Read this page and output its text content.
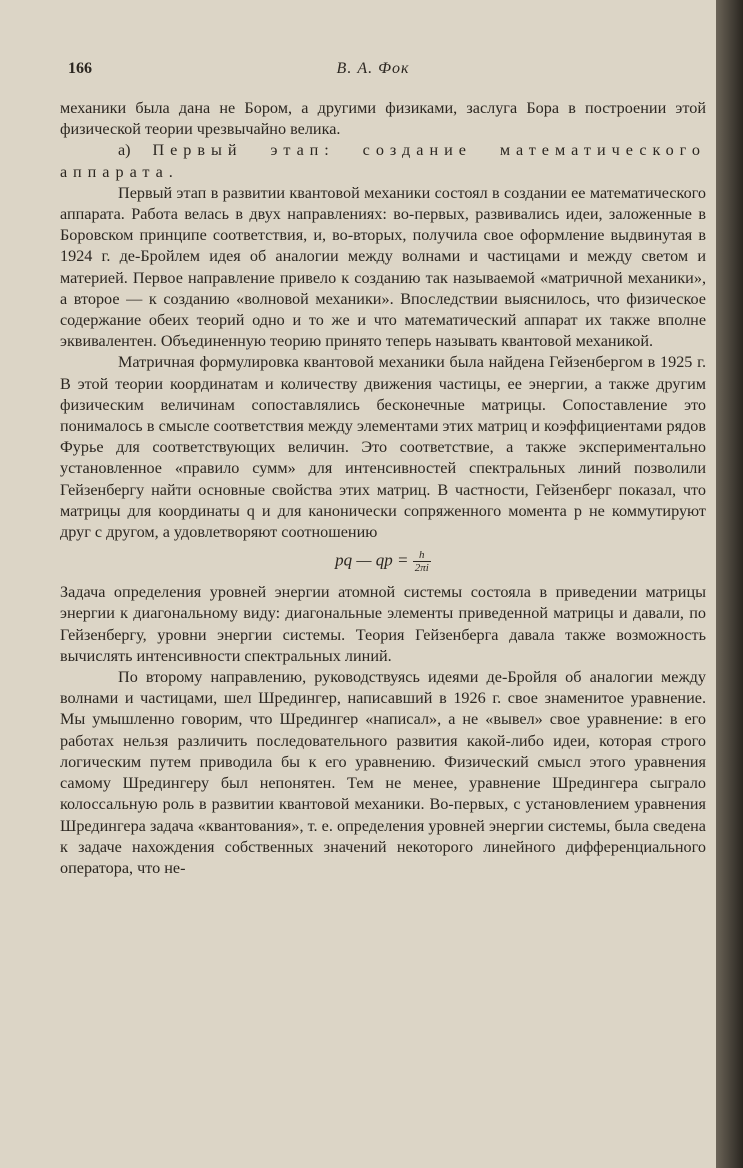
166	В. А. Фок

механики была дана не Бором, а другими физиками, заслуга Бора в построении этой физической теории чрезвычайно велика.

а) Первый этап: создание математического аппарата.

Первый этап в развитии квантовой механики состоял в создании ее математического аппарата. Работа велась в двух направлениях: во-первых, развивались идеи, заложенные в Боровском принципе соответствия, и, во-вторых, получила свое оформление выдвинутая в 1924 г. де-Бройлем идея об аналогии между волнами и частицами и между светом и материей. Первое направление привело к созданию так называемой «матричной механики», а второе — к созданию «волновой механики». Впоследствии выяснилось, что физическое содержание обеих теорий одно и то же и что математический аппарат их также вполне эквивалентен. Объединенную теорию принято теперь называть квантовой механикой.

Матричная формулировка квантовой механики была найдена Гейзенбергом в 1925 г. В этой теории координатам и количеству движения частицы, ее энергии, а также другим физическим величинам сопоставлялись бесконечные матрицы. Сопоставление это понималось в смысле соответствия между элементами этих матриц и коэффициентами рядов Фурье для соответствующих величин. Это соответствие, а также экспериментально установленное «правило сумм» для интенсивностей спектральных линий позволили Гейзенбергу найти основные свойства этих матриц. В частности, Гейзенберг показал, что матрицы для координаты q и для канонически сопряженного момента p не коммутируют друг с другом, а удовлетворяют соотношению

pq — qp = $\frac{h}{2\pi i}$

Задача определения уровней энергии атомной системы состояла в приведении матрицы энергии к диагональному виду: диагональные элементы приведенной матрицы и давали, по Гейзенбергу, уровни энергии системы. Теория Гейзенберга давала также возможность вычислять интенсивности спектральных линий.

По второму направлению, руководствуясь идеями де-Бройля об аналогии между волнами и частицами, шел Шредингер, написавший в 1926 г. свое знаменитое уравнение. Мы умышленно говорим, что Шредингер «написал», а не «вывел» свое уравнение: в его работах нельзя различить последовательного развития какой-либо идеи, которая строго логическим путем приводила бы к его уравнению. Физический смысл этого уравнения самому Шредингеру был непонятен. Тем не менее, уравнение Шредингера сыграло колоссальную роль в развитии квантовой механики. Во-первых, с установлением уравнения Шредингера задача «квантования», т. е. определения уровней энергии системы, была сведена к задаче нахождения собственных значений некоторого линейного дифференциального оператора, что не-
